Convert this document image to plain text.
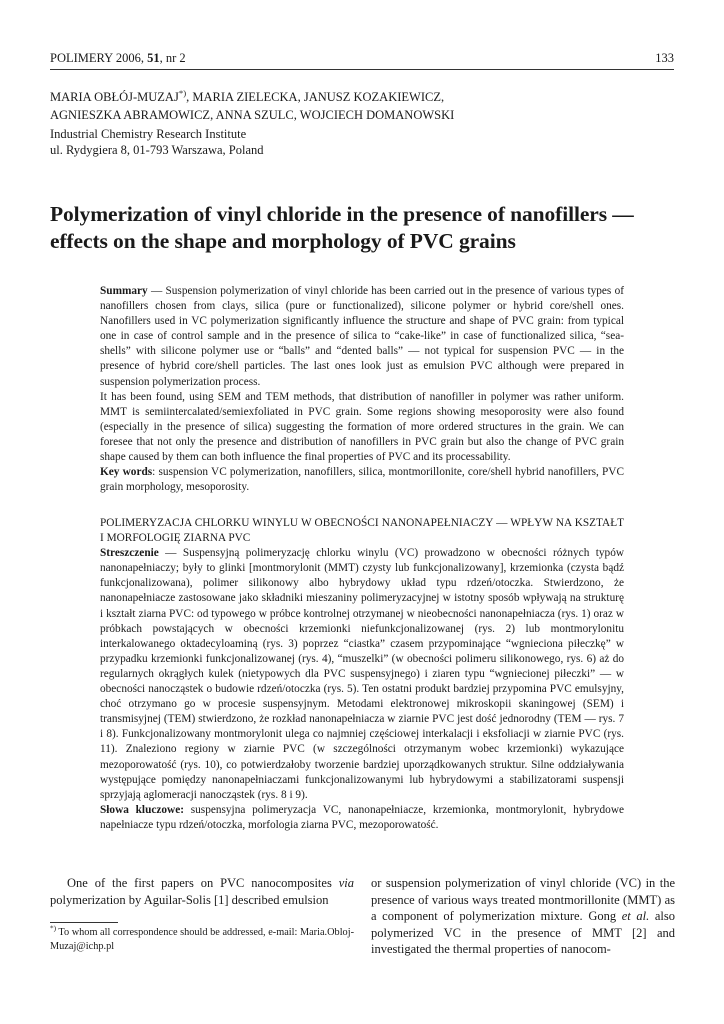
POLIMERY 2006, 51, nr 2	133
MARIA OBŁÓJ-MUZAJ*), MARIA ZIELECKA, JANUSZ KOZAKIEWICZ,
AGNIESZKA ABRAMOWICZ, ANNA SZULC, WOJCIECH DOMANOWSKI
Industrial Chemistry Research Institute
ul. Rydygiera 8, 01-793 Warszawa, Poland
Polymerization of vinyl chloride in the presence of nanofillers —
effects on the shape and morphology of PVC grains

Summary — Suspension polymerization of vinyl chloride has been carried out in the presence of various types of nanofillers chosen from clays, silica (pure or functionalized), silicone polymer or hybrid core/shell ones. Nanofillers used in VC polymerization significantly influence the structure and shape of PVC grain: from typical one in case of control sample and in the presence of silica to “cake-like” in case of functionalized silica, “sea-shells” with silicone polymer use or “balls” and “dented balls” — not typical for suspension PVC — in the presence of hybrid core/shell particles. The last ones look just as emulsion PVC although were prepared in suspension polymerization process.

It has been found, using SEM and TEM methods, that distribution of nanofiller in polymer was rather uniform. MMT is semiintercalated/semiexfoliated in PVC grain. Some regions showing mesoporosity were also found (especially in the presence of silica) suggesting the formation of more ordered structures in the grain. We can foresee that not only the presence and distribution of nanofillers in PVC grain but also the change of PVC grain shape caused by them can both influence the final properties of PVC and its processability.

Key words: suspension VC polymerization, nanofillers, silica, montmorillonite, core/shell hybrid nanofillers, PVC grain morphology, mesoporosity.

POLIMERYZACJA CHLORKU WINYLU W OBECNOŚCI NANONAPEŁNIACZY — WPŁYW NA KSZTAŁT I MORFOLOGIĘ ZIARNA PVC

Streszczenie — Suspensyjną polimeryzację chlorku winylu (VC) prowadzono w obecności różnych typów nanonapełniaczy; były to glinki [montmorylonit (MMT) czysty lub funkcjonalizowany], krzemionka (czysta bądź funkcjonalizowana), polimer silikonowy albo hybrydowy układ typu rdzeń/otoczka. Stwierdzono, że nanonapełniacze zastosowane jako składniki mieszaniny polimeryzacyjnej w istotny sposób wpływają na strukturę i kształt ziarna PVC: od typowego w próbce kontrolnej otrzymanej w nieobecności nanonapełniacza (rys. 1) oraz w próbkach powstających w obecności krzemionki niefunkcjonalizowanej (rys. 2) lub montmorylonitu interkalowanego oktadecyloaminą (rys. 3) poprzez “ciastka” czasem przypominające “wgnieciona piłeczkę” w przypadku krzemionki funkcjonalizowanej (rys. 4), “muszelki” (w obecności polimeru silikonowego, rys. 6) aż do regularnych okrągłych kulek (nietypowych dla PVC suspensyjnego) i ziaren typu “wgniecionej piłeczki” — w obecności nanocząstek o budowie rdzeń/otoczka (rys. 5). Ten ostatni produkt bardziej przypomina PVC emulsyjny, choć otrzymano go w procesie suspensyjnym. Metodami elektronowej mikroskopii skaningowej (SEM) i transmisyjnej (TEM) stwierdzono, że rozkład nanonapełniacza w ziarnie PVC jest dość jednorodny (TEM — rys. 7 i 8). Funkcjonalizowany montmorylonit ulega co najmniej częściowej interkalacji i eksfoliacji w ziarnie PVC (rys. 11). Znaleziono regiony w ziarnie PVC (w szczególności otrzymanym wobec krzemionki) wykazujące mezoporowatość (rys. 10), co potwierdzałoby tworzenie bardziej uporządkowanych struktur. Silne oddziaływania występujące pomiędzy nanonapełniaczami funkcjonalizowanymi lub hybrydowymi a stabilizatorami suspensji sprzyjają aglomeracji nanocząstek (rys. 8 i 9).

Słowa kluczowe: suspensyjna polimeryzacja VC, nanonapełniacze, krzemionka, montmorylonit, hybrydowe napełniacze typu rdzeń/otoczka, morfologia ziarna PVC, mezoporowatość.

One of the first papers on PVC nanocomposites via polymerization by Aguilar-Solis [1] described emulsion

or suspension polymerization of vinyl chloride (VC) in the presence of various ways treated montmorillonite (MMT) as a component of polymerization mixture. Gong et al. also polymerized VC in the presence of MMT [2] and investigated the thermal properties of nanocom-

*) To whom all correspondence should be addressed, e-mail: Maria.Obloj-Muzaj@ichp.pl
